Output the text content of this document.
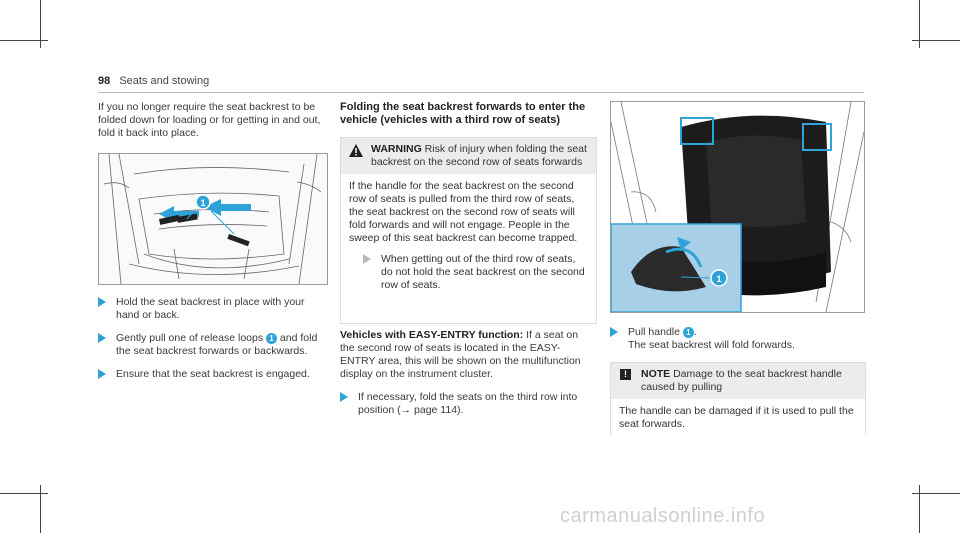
98 Seats and stowing

If you no longer require the seat backrest to be folded down for loading or for getting in and out, fold it back into place.

1
Hold the seat backrest in place with your hand or back.
Gently pull one of release loops 1 and fold the seat backrest forwards or backwards.
Ensure that the seat backrest is engaged.

Folding the seat backrest forwards to enter the vehicle (vehicles with a third row of seats)

WARNING Risk of injury when folding the seat backrest on the second row of seats forwards

If the handle for the seat backrest on the second row of seats is pulled from the third row of seats, the seat backrest on the second row of seats will fold forwards and will not engage. People in the sweep of this seat backrest can become trapped.

When getting out of the third row of seats, do not hold the seat backrest on the second row of seats.

Vehicles with EASY-ENTRY function: If a seat on the second row of seats is located in the EASY-ENTRY area, this will be shown on the multifunction display on the instrument cluster.

If necessary, fold the seats on the third row into position (→ page 114).
1
Pull handle 1 .

The seat backrest will fold forwards.

!	NOTE Damage to the seat backrest handle caused by pulling
The handle can be damaged if it is used to pull the seat forwards.
carmanualsonline.info
